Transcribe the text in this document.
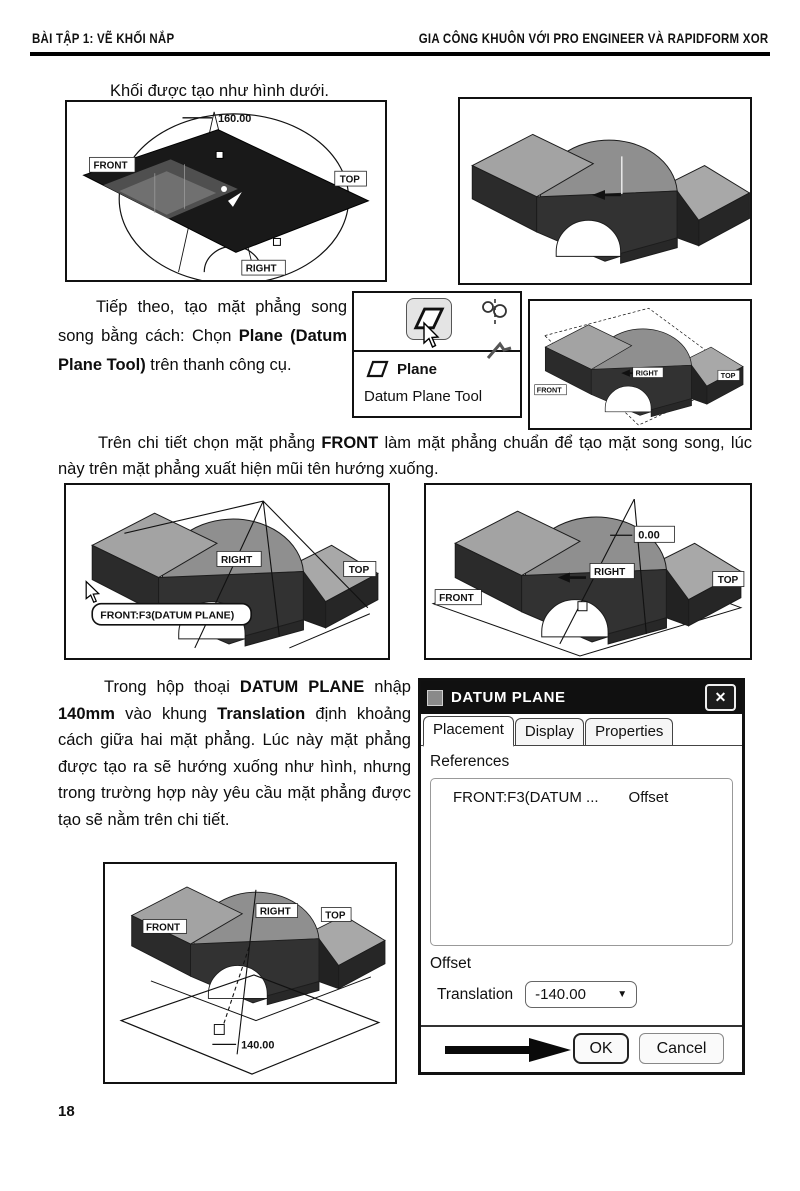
BÀI TẬP 1: VẼ KHỐI NẮP	GIA CÔNG KHUÔN VỚI PRO ENGINEER VÀ RAPIDFORM XOR

Khối được tạo như hình dưới.

160.00
FRONT
TOP
RIGHT

Tiếp theo, tạo mặt phẳng song song bằng cách: Chọn Plane (Datum Plane Tool) trên thanh công cụ.	Plane
Datum Plane Tool	FRONT
RIGHT	TOP

Trên chi tiết chọn mặt phẳng FRONT làm mặt phẳng chuẩn để tạo mặt song song, lúc này trên mặt phẳng xuất hiện mũi tên hướng xuống.

RIGHT
TOP
FRONT:F3(DATUM PLANE)
0.00
FRONT
RIGHT
TOP

Trong hộp thoại DATUM PLANE nhập 140mm vào khung Translation định khoảng cách giữa hai mặt phẳng. Lúc này mặt phẳng được tạo ra sẽ hướng xuống như hình, nhưng trong trường hợp này yêu cầu mặt phẳng được tạo sẽ nằm trên chi tiết.

DATUM PLANE	✕
Placement	Display	Properties
References
FRONT:F3(DATUM ... Offset
Offset
Translation -140.00	▼
OK	Cancel
140.00
FRONT
RIGHT	TOP
18
